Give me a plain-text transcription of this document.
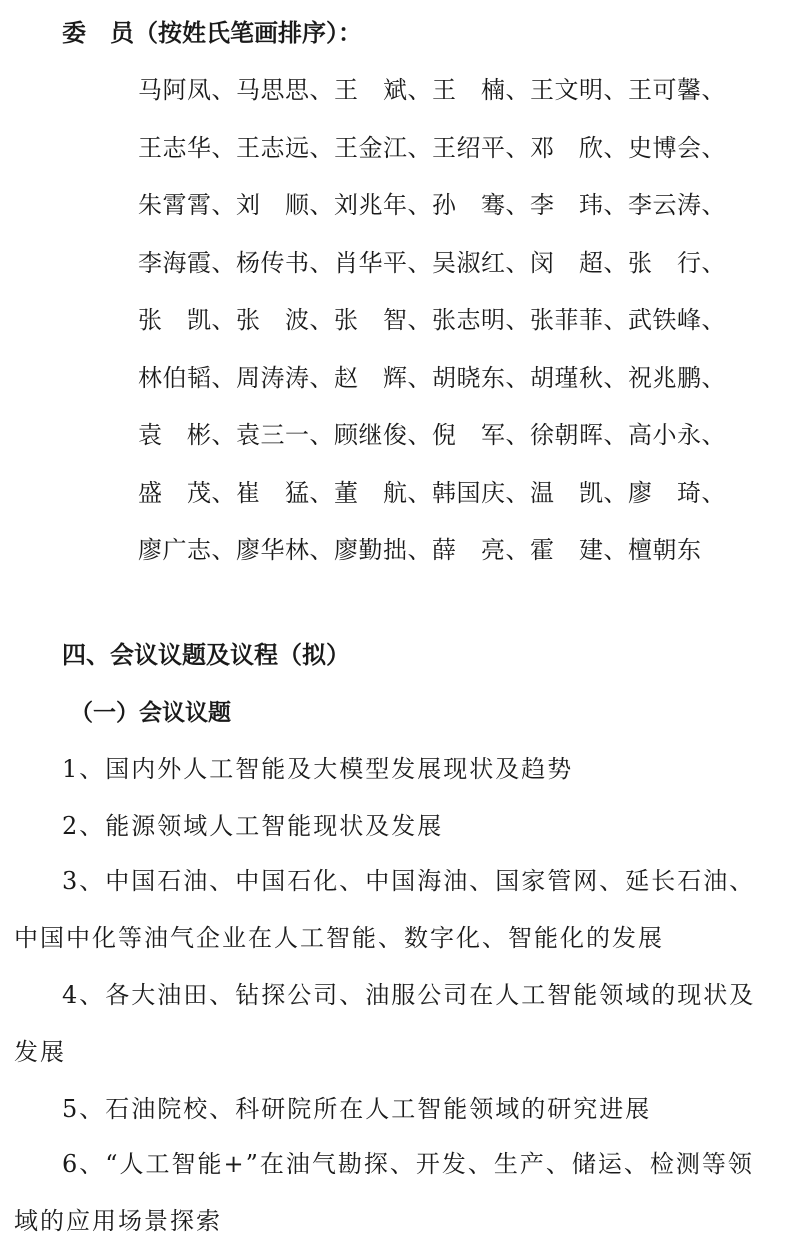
委　员（按姓氏笔画排序）：
马阿凤、马思思、王　斌、王　楠、王文明、王可馨、
王志华、王志远、王金江、王绍平、邓　欣、史博会、
朱霄霄、刘　顺、刘兆年、孙　骞、李　玮、李云涛、
李海霞、杨传书、肖华平、吴淑红、闵　超、张　行、
张　凯、张　波、张　智、张志明、张菲菲、武铁峰、
林伯韬、周涛涛、赵　辉、胡晓东、胡瑾秋、祝兆鹏、
袁　彬、袁三一、顾继俊、倪　军、徐朝晖、高小永、
盛　茂、崔　猛、董　航、韩国庆、温　凯、廖　琦、
廖广志、廖华林、廖勤拙、薛　亮、霍　建、檀朝东
四、会议议题及议程（拟）
（一）会议议题

1、国内外人工智能及大模型发展现状及趋势

2、能源领域人工智能现状及发展

3、中国石油、中国石化、中国海油、国家管网、延长石油、中国中化等油气企业在人工智能、数字化、智能化的发展

4、各大油田、钻探公司、油服公司在人工智能领域的现状及发展

5、石油院校、科研院所在人工智能领域的研究进展

6、“人工智能+”在油气勘探、开发、生产、储运、检测等领域的应用场景探索
